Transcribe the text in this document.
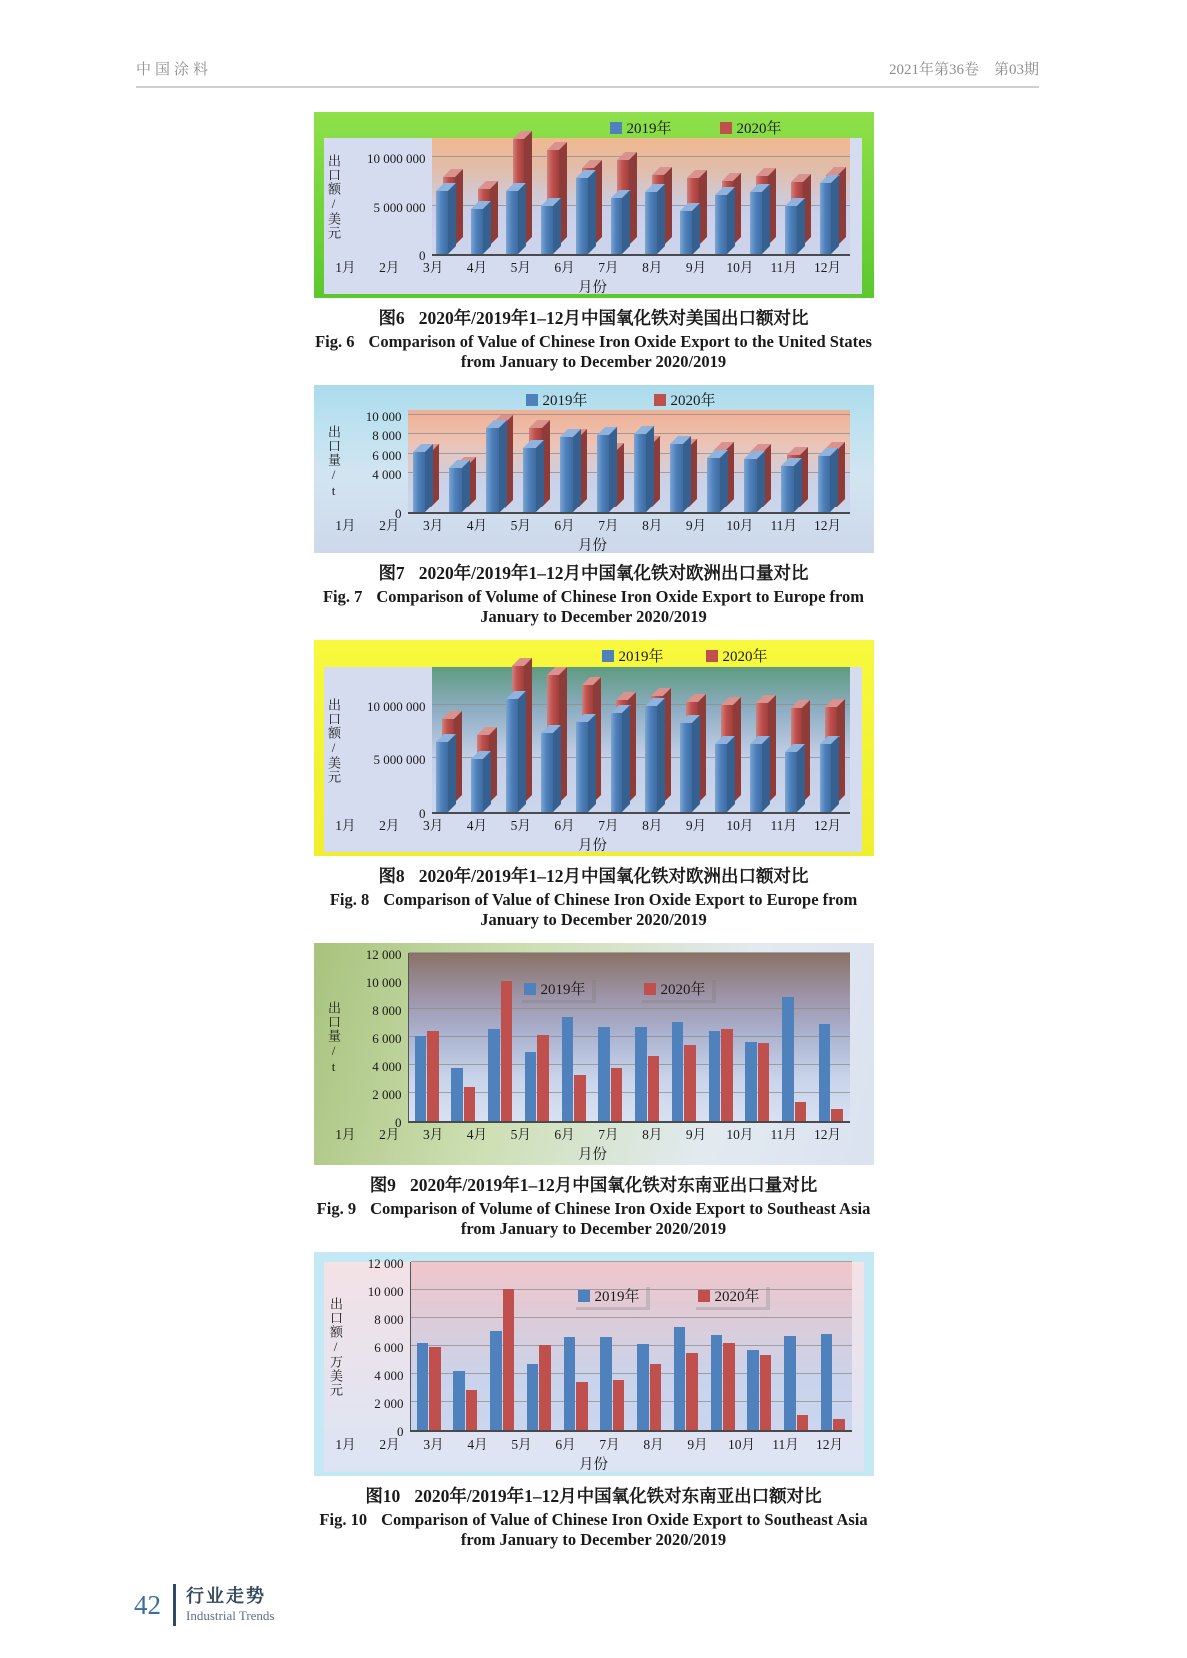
中国涂料	2021年第36卷　第03期
2019年	2020年
出口额/美元
0
5 000 000
10 000 000
1月	2月	3月	4月	5月	6月	7月	8月	9月	10月	11月	12月
月份
图6 2020年/2019年1–12月中国氧化铁对美国出口额对比
Fig. 6 Comparison of Value of Chinese Iron Oxide Export to the United States from January to December 2020/2019
2019年	2020年
出口量/t
0
4 000
6 000
8 000
10 000
1月	2月	3月	4月	5月	6月	7月	8月	9月	10月	11月	12月
月份
图7 2020年/2019年1–12月中国氧化铁对欧洲出口量对比
Fig. 7 Comparison of Volume of Chinese Iron Oxide Export to Europe from January to December 2020/2019
2019年	2020年
出口额/美元
0
5 000 000
10 000 000
1月	2月	3月	4月	5月	6月	7月	8月	9月	10月	11月	12月
月份
图8 2020年/2019年1–12月中国氧化铁对欧洲出口额对比
Fig. 8 Comparison of Value of Chinese Iron Oxide Export to Europe from January to December 2020/2019
2019年	2020年
出口量/t
0
2 000
4 000
6 000
8 000
10 000
12 000
1月	2月	3月	4月	5月	6月	7月	8月	9月	10月	11月	12月
月份
图9 2020年/2019年1–12月中国氧化铁对东南亚出口量对比
Fig. 9 Comparison of Volume of Chinese Iron Oxide Export to Southeast Asia from January to December 2020/2019
2019年	2020年
出口额/万美元
0
2 000
4 000
6 000
8 000
10 000
12 000
1月	2月	3月	4月	5月	6月	7月	8月	9月	10月	11月	12月
月份
图10 2020年/2019年1–12月中国氧化铁对东南亚出口额对比
Fig. 10 Comparison of Value of Chinese Iron Oxide Export to Southeast Asia from January to December 2020/2019
42 行业走势
Industrial Trends
